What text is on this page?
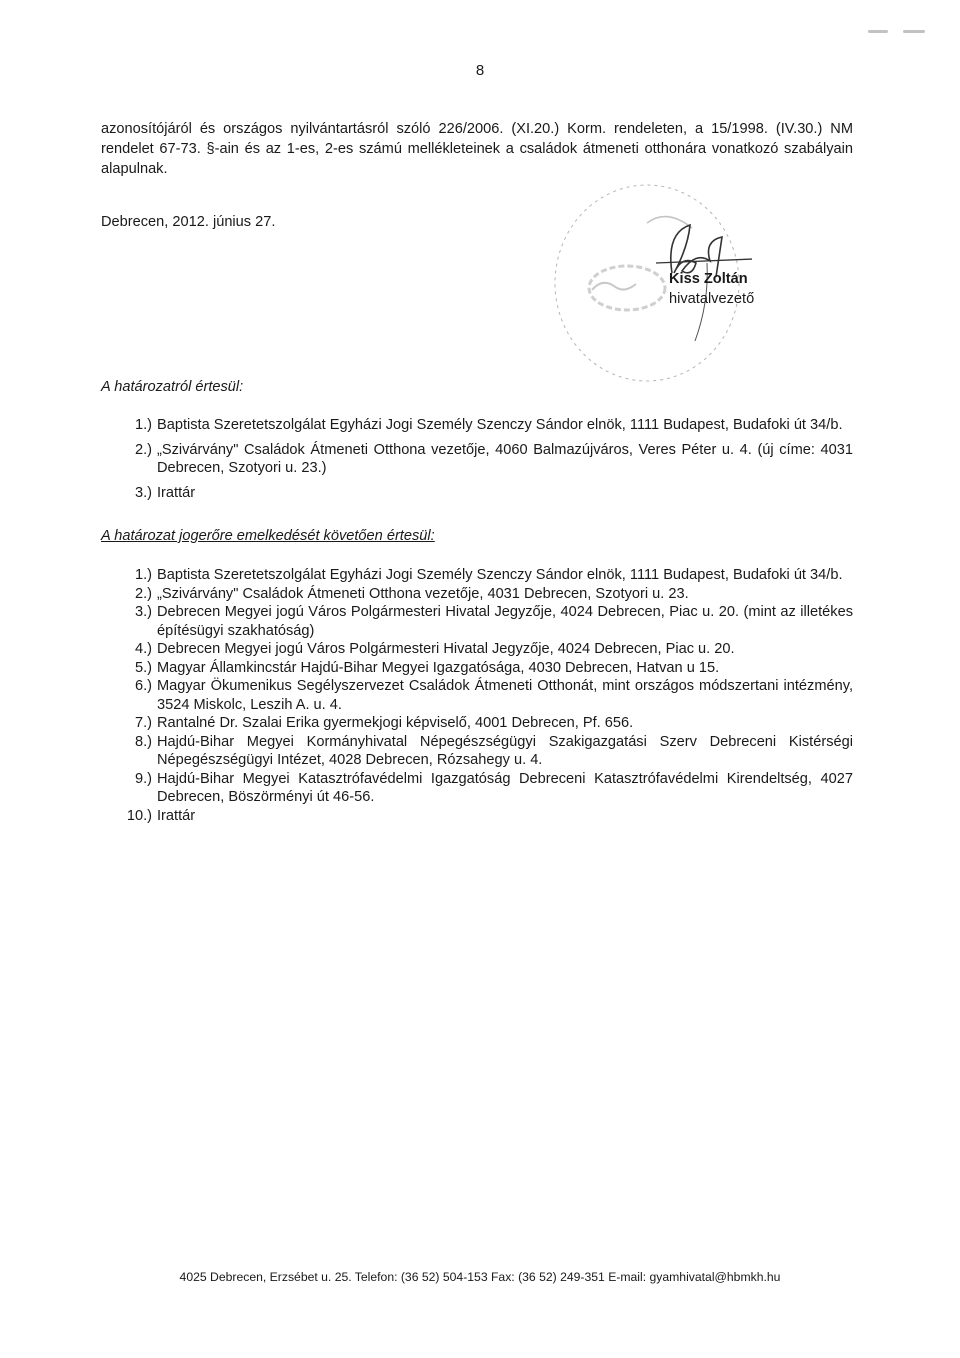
8
azonosítójáról és országos nyilvántartásról szóló 226/2006. (XI.20.) Korm. rendeleten, a 15/1998. (IV.30.) NM rendelet 67-73. §-ain és az 1-es, 2-es számú mellékleteinek a családok átmeneti otthonára vonatkozó szabályain alapulnak.
Debrecen, 2012. június 27.
Kiss Zoltán
hivatalvezető
A határozatról értesül:
1.) Baptista Szeretetszolgálat Egyházi Jogi Személy Szenczy Sándor elnök, 1111 Budapest, Budafoki út 34/b.
2.) „Szivárvány" Családok Átmeneti Otthona vezetője, 4060 Balmazújváros, Veres Péter u. 4. (új címe: 4031 Debrecen, Szotyori u. 23.)
3.) Irattár
A határozat jogerőre emelkedését követően értesül:
1.) Baptista Szeretetszolgálat Egyházi Jogi Személy Szenczy Sándor elnök, 1111 Budapest, Budafoki út 34/b.
2.) „Szivárvány" Családok Átmeneti Otthona vezetője, 4031 Debrecen, Szotyori u. 23.
3.) Debrecen Megyei jogú Város Polgármesteri Hivatal Jegyzője, 4024 Debrecen, Piac u. 20. (mint az illetékes építésügyi szakhatóság)
4.) Debrecen Megyei jogú Város Polgármesteri Hivatal Jegyzője, 4024 Debrecen, Piac u. 20.
5.) Magyar Államkincstár Hajdú-Bihar Megyei Igazgatósága, 4030 Debrecen, Hatvan u 15.
6.) Magyar Ökumenikus Segélyszervezet Családok Átmeneti Otthonát, mint országos módszertani intézmény, 3524 Miskolc, Leszih A. u. 4.
7.) Rantalné Dr. Szalai Erika gyermekjogi képviselő, 4001 Debrecen, Pf. 656.
8.) Hajdú-Bihar Megyei Kormányhivatal Népegészségügyi Szakigazgatási Szerv Debreceni Kistérségi Népegészségügyi Intézet, 4028 Debrecen, Rózsahegy u. 4.
9.) Hajdú-Bihar Megyei Katasztrófavédelmi Igazgatóság Debreceni Katasztrófavédelmi Kirendeltség, 4027 Debrecen, Böszörményi út 46-56.
10.) Irattár
4025 Debrecen, Erzsébet u. 25. Telefon: (36 52) 504-153 Fax: (36 52) 249-351 E-mail: gyamhivatal@hbmkh.hu
